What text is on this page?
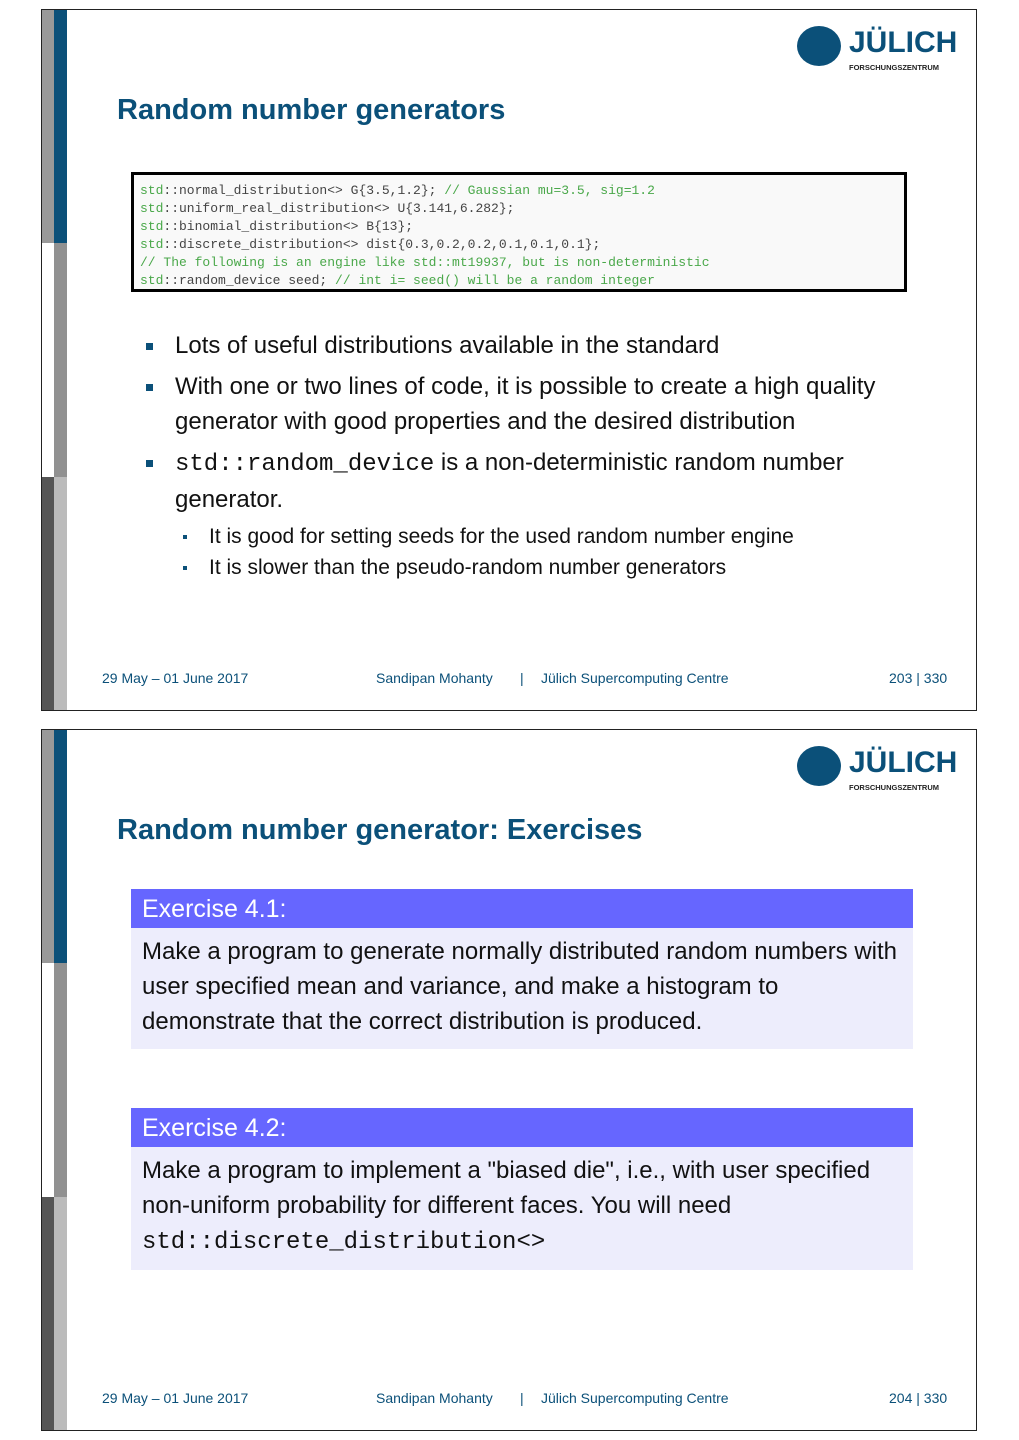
JÜLICH
FORSCHUNGSZENTRUM
Random number generators
std::normal_distribution<> G{3.5,1.2}; // Gaussian mu=3.5, sig=1.2
std::uniform_real_distribution<> U{3.141,6.282};
std::binomial_distribution<> B{13};
std::discrete_distribution<> dist{0.3,0.2,0.2,0.1,0.1,0.1};
// The following is an engine like std::mt19937, but is non-deterministic
std::random_device seed; // int i= seed() will be a random integer
Lots of useful distributions available in the standard
With one or two lines of code, it is possible to create a high quality generator with good properties and the desired distribution
std::random_device is a non-deterministic random number generator.
It is good for setting seeds for the used random number engine
It is slower than the pseudo-random number generators
29 May – 01 June 2017	Sandipan Mohanty | Jülich Supercomputing Centre	203 | 330
JÜLICH
FORSCHUNGSZENTRUM
Random number generator: Exercises
Exercise 4.1:
Make a program to generate normally distributed random numbers with user specified mean and variance, and make a histogram to demonstrate that the correct distribution is produced.
Exercise 4.2:
Make a program to implement a "biased die", i.e., with user specified non-uniform probability for different faces. You will need std::discrete_distribution<>
29 May – 01 June 2017	Sandipan Mohanty | Jülich Supercomputing Centre	204 | 330
